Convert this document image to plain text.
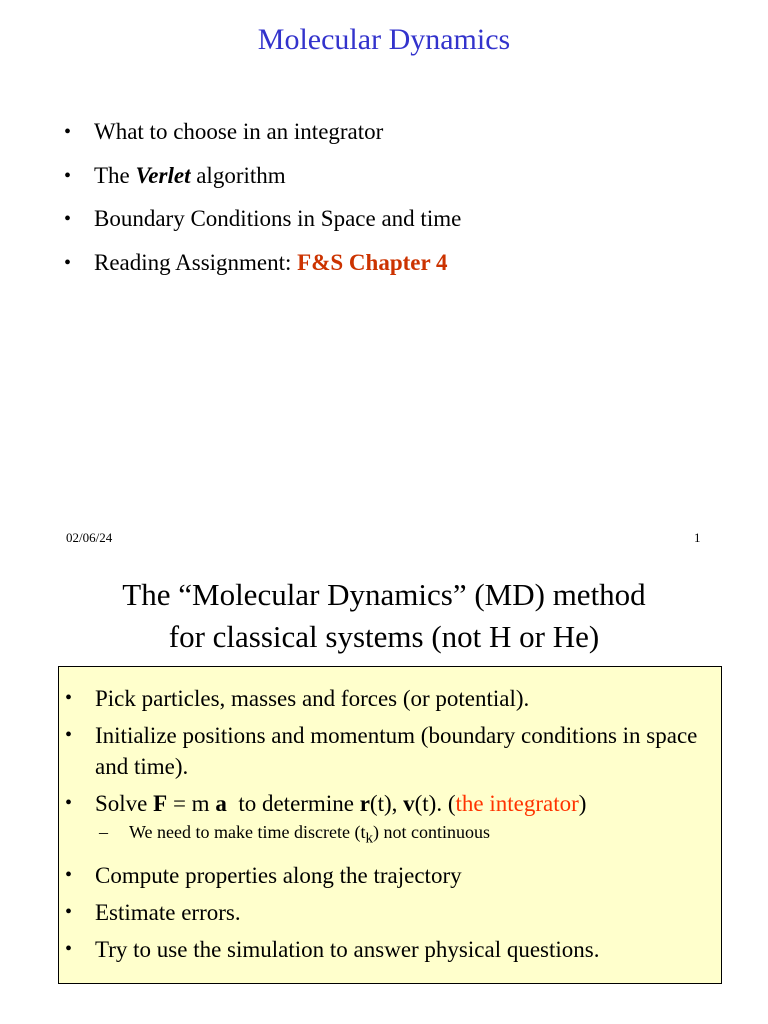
Molecular Dynamics
• What to choose in an integrator
• The Verlet algorithm
• Boundary Conditions in Space and time
• Reading Assignment: F&S Chapter 4
02/06/24	1
The “Molecular Dynamics” (MD) method
for classical systems (not H or He)
• Pick particles, masses and forces (or potential).
• Initialize positions and momentum (boundary conditions in space and time).
• Solve F = m a  to determine r(t), v(t). (the integrator)
– We need to make time discrete $(t_k)$ not continuous
• Compute properties along the trajectory
• Estimate errors.
• Try to use the simulation to answer physical questions.
